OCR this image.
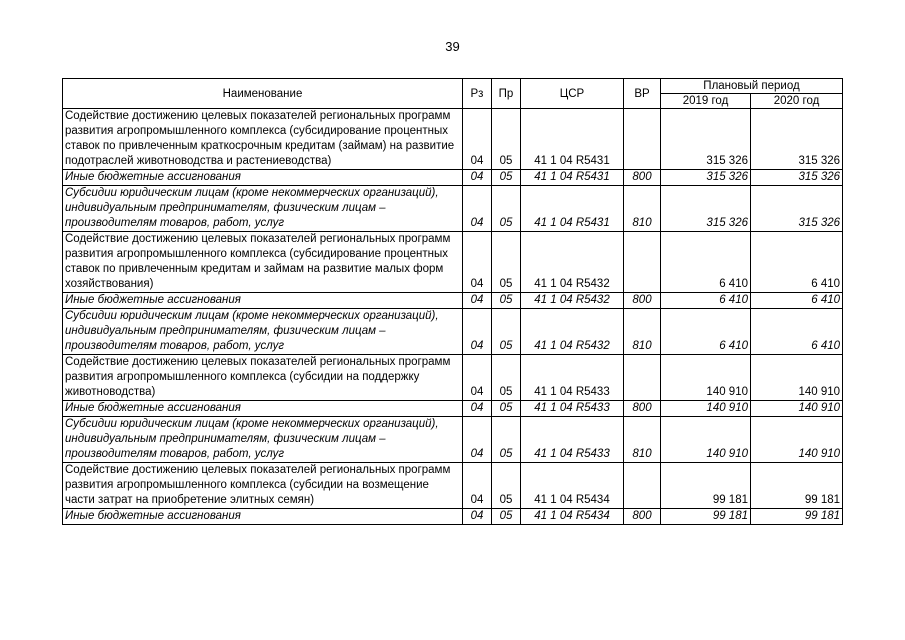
39
Наименование	Рз	Пр	ЦСР	ВР	Плановый период	
					2019 год	2020 год
Содействие достижению целевых показателей региональных программ развития агропромышленного комплекса (субсидирование процентных ставок по привлеченным краткосрочным кредитам (займам) на развитие подотраслей животноводства и растениеводства)	04	05	41 1 04 R5431		315 326	315 326
Иные бюджетные ассигнования	04	05	41 1 04 R5431	800	315 326	315 326
Субсидии юридическим лицам (кроме некоммерческих организаций), индивидуальным предпринимателям, физическим лицам – производителям товаров, работ, услуг	04	05	41 1 04 R5431	810	315 326	315 326
Содействие достижению целевых показателей региональных программ развития агропромышленного комплекса (субсидирование процентных ставок по привлеченным кредитам и займам на развитие малых форм хозяйствования)	04	05	41 1 04 R5432		6 410	6 410
Иные бюджетные ассигнования	04	05	41 1 04 R5432	800	6 410	6 410
Субсидии юридическим лицам (кроме некоммерческих организаций), индивидуальным предпринимателям, физическим лицам – производителям товаров, работ, услуг	04	05	41 1 04 R5432	810	6 410	6 410
Содействие достижению целевых показателей региональных программ развития агропромышленного комплекса (субсидии на поддержку животноводства)	04	05	41 1 04 R5433		140 910	140 910
Иные бюджетные ассигнования	04	05	41 1 04 R5433	800	140 910	140 910
Субсидии юридическим лицам (кроме некоммерческих организаций), индивидуальным предпринимателям, физическим лицам – производителям товаров, работ, услуг	04	05	41 1 04 R5433	810	140 910	140 910
Содействие достижению целевых показателей региональных программ развития агропромышленного комплекса (субсидии на возмещение части затрат на приобретение элитных семян)	04	05	41 1 04 R5434		99 181	99 181
Иные бюджетные ассигнования	04	05	41 1 04 R5434	800	99 181	99 181
